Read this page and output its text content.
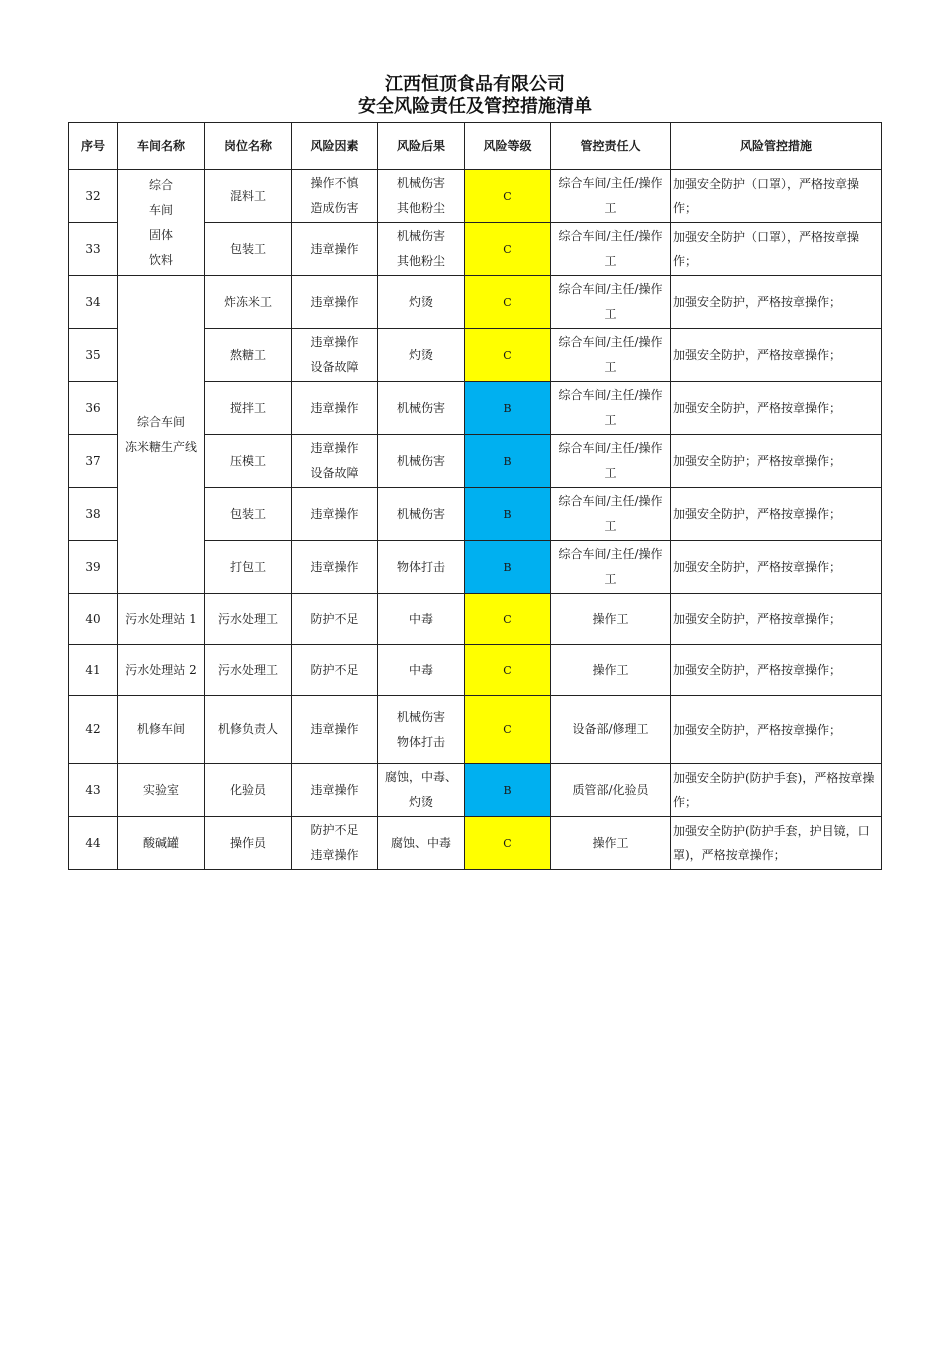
江西恒顶食品有限公司
安全风险责任及管控措施清单
序号	车间名称	岗位名称	风险因素	风险后果	风险等级	管控责任人	风险管控措施
32	综合
车间
固体
饮料	混料工	操作不慎
造成伤害	机械伤害
其他粉尘	C	综合车间/主任/操作
工	加强安全防护（口罩），严格按章操作；
33		包装工	违章操作	机械伤害
其他粉尘	C	综合车间/主任/操作
工	加强安全防护（口罩），严格按章操作；
34	综合车间
冻米糖生产线	炸冻米工	违章操作	灼烫	C	综合车间/主任/操作
工	加强安全防护，严格按章操作；
35		熬糖工	违章操作
设备故障	灼烫	C	综合车间/主任/操作
工	加强安全防护，严格按章操作；
36		搅拌工	违章操作	机械伤害	B	综合车间/主任/操作
工	加强安全防护，严格按章操作；
37		压模工	违章操作
设备故障	机械伤害	B	综合车间/主任/操作
工	加强安全防护；严格按章操作；
38		包装工	违章操作	机械伤害	B	综合车间/主任/操作
工	加强安全防护，严格按章操作；
39		打包工	违章操作	物体打击	B	综合车间/主任/操作
工	加强安全防护，严格按章操作；
40	污水处理站 1	污水处理工	防护不足	中毒	C	操作工	加强安全防护，严格按章操作；
41	污水处理站 2	污水处理工	防护不足	中毒	C	操作工	加强安全防护，严格按章操作；
42	机修车间	机修负责人	违章操作	机械伤害
物体打击	C	设备部/修理工	加强安全防护，严格按章操作；
43	实验室	化验员	违章操作	腐蚀，中毒、
灼烫	B	质管部/化验员	加强安全防护(防护手套)，严格按章操作；
44	酸碱罐	操作员	防护不足
违章操作	腐蚀、中毒	C	操作工	加强安全防护(防护手套，护目镜，口罩)，严格按章操作；
